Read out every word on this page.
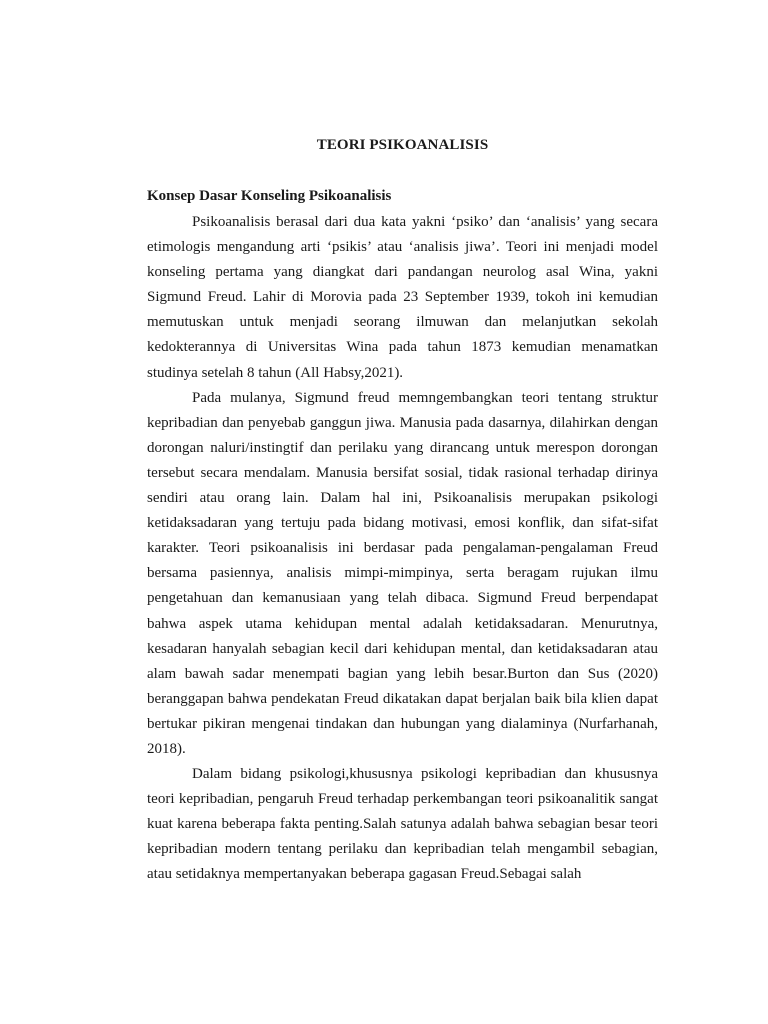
TEORI PSIKOANALISIS
Konsep Dasar Konseling Psikoanalisis

Psikoanalisis berasal dari dua kata yakni ‘psiko’ dan ‘analisis’ yang secara etimologis mengandung arti ‘psikis’ atau ‘analisis jiwa’. Teori ini menjadi model konseling pertama yang diangkat dari pandangan neurolog asal Wina, yakni Sigmund Freud. Lahir di Morovia pada 23 September 1939, tokoh ini kemudian memutuskan untuk menjadi seorang ilmuwan dan melanjutkan sekolah kedokterannya di Universitas Wina pada tahun 1873 kemudian menamatkan studinya setelah 8 tahun (All Habsy,2021).

Pada mulanya, Sigmund freud memngembangkan teori tentang struktur kepribadian dan penyebab ganggun jiwa. Manusia pada dasarnya, dilahirkan dengan dorongan naluri/instingtif dan perilaku yang dirancang untuk merespon dorongan tersebut secara mendalam. Manusia bersifat sosial, tidak rasional terhadap dirinya sendiri atau orang lain. Dalam hal ini, Psikoanalisis merupakan psikologi ketidaksadaran yang tertuju pada bidang motivasi, emosi konflik, dan sifat-sifat karakter. Teori psikoanalisis ini berdasar pada pengalaman-pengalaman Freud bersama pasiennya, analisis mimpi-mimpinya, serta beragam rujukan ilmu pengetahuan dan kemanusiaan yang telah dibaca. Sigmund Freud berpendapat bahwa aspek utama kehidupan mental adalah ketidaksadaran. Menurutnya, kesadaran hanyalah sebagian kecil dari kehidupan mental, dan ketidaksadaran atau alam bawah sadar menempati bagian yang lebih besar.Burton dan Sus (2020) beranggapan bahwa pendekatan Freud dikatakan dapat berjalan baik bila klien dapat bertukar pikiran mengenai tindakan dan hubungan yang dialaminya (Nurfarhanah, 2018).

Dalam bidang psikologi,khususnya psikologi kepribadian dan khususnya teori kepribadian, pengaruh Freud terhadap perkembangan teori psikoanalitik sangat kuat karena beberapa fakta penting.Salah satunya adalah bahwa sebagian besar teori kepribadian modern tentang perilaku dan kepribadian telah mengambil sebagian, atau setidaknya mempertanyakan beberapa gagasan Freud.Sebagai salah
